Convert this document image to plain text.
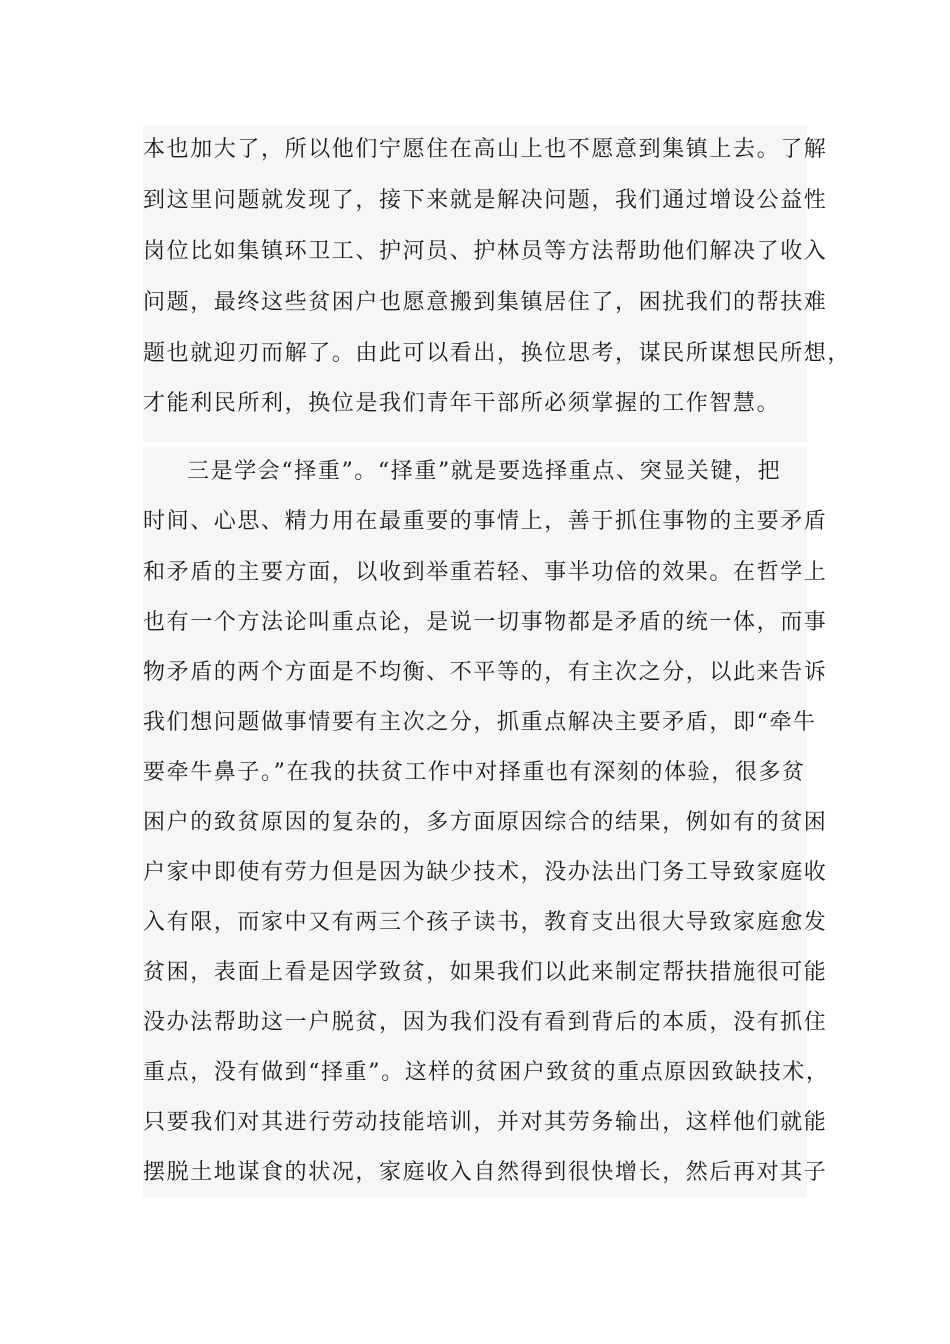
本也加大了，所以他们宁愿住在高山上也不愿意到集镇上去。了解
到这里问题就发现了，接下来就是解决问题，我们通过增设公益性
岗位比如集镇环卫工、护河员、护林员等方法帮助他们解决了收入
问题，最终这些贫困户也愿意搬到集镇居住了，困扰我们的帮扶难
题也就迎刃而解了。由此可以看出，换位思考，谋民所谋想民所想，
才能利民所利，换位是我们青年干部所必须掌握的工作智慧。
三是学会“择重”。“择重”就是要选择重点、突显关键，把
时间、心思、精力用在最重要的事情上，善于抓住事物的主要矛盾
和矛盾的主要方面，以收到举重若轻、事半功倍的效果。在哲学上
也有一个方法论叫重点论，是说一切事物都是矛盾的统一体，而事
物矛盾的两个方面是不均衡、不平等的，有主次之分，以此来告诉
我们想问题做事情要有主次之分，抓重点解决主要矛盾，即“牵牛
要牵牛鼻子。”在我的扶贫工作中对择重也有深刻的体验，很多贫
困户的致贫原因的复杂的，多方面原因综合的结果，例如有的贫困
户家中即使有劳力但是因为缺少技术，没办法出门务工导致家庭收
入有限，而家中又有两三个孩子读书，教育支出很大导致家庭愈发
贫困，表面上看是因学致贫，如果我们以此来制定帮扶措施很可能
没办法帮助这一户脱贫，因为我们没有看到背后的本质，没有抓住
重点，没有做到“择重”。这样的贫困户致贫的重点原因致缺技术，
只要我们对其进行劳动技能培训，并对其劳务输出，这样他们就能
摆脱土地谋食的状况，家庭收入自然得到很快增长，然后再对其子
